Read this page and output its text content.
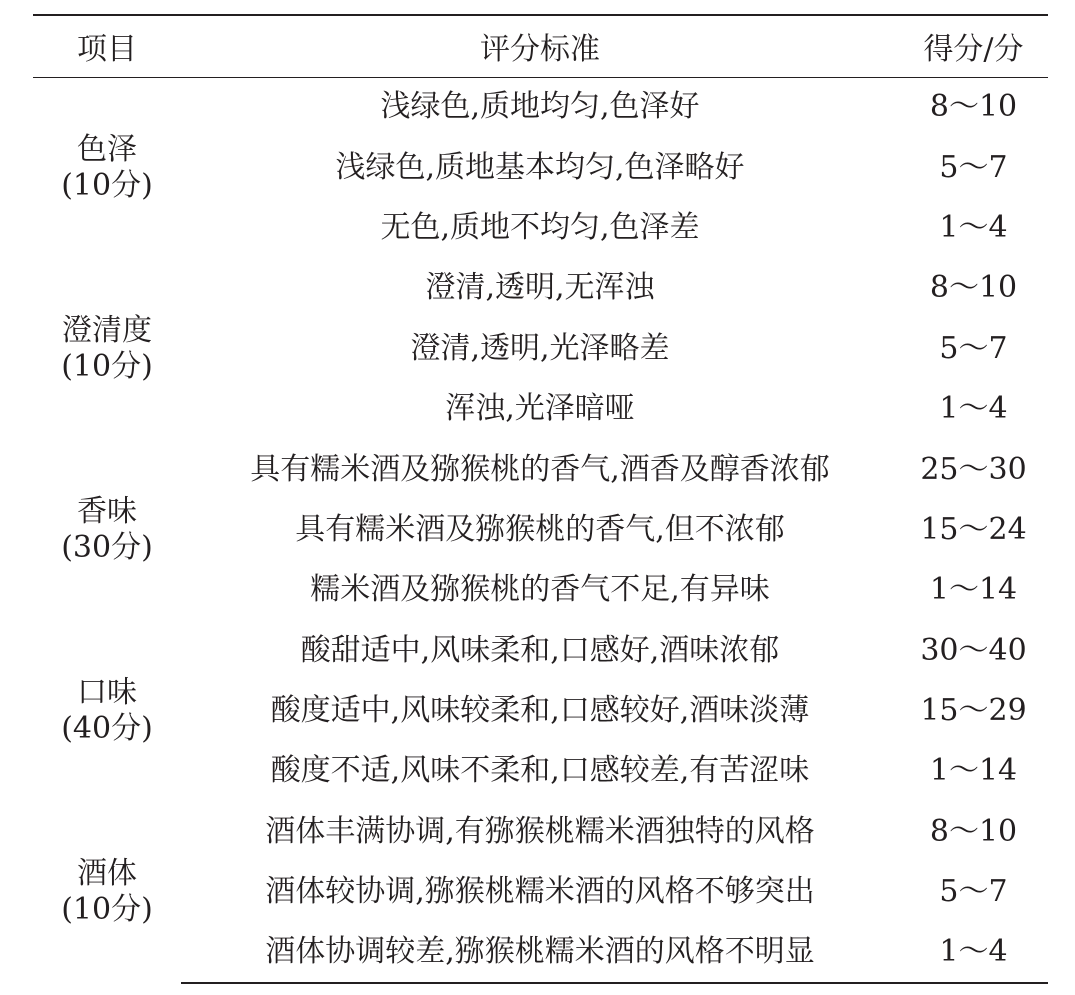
项目	评分标准	得分/分

色泽
(10分)	浅绿色,质地均匀,色泽好	8～10
	浅绿色,质地基本均匀,色泽略好	5～7
	无色,质地不均匀,色泽差	1～4

澄清度
(10分)	澄清,透明,无浑浊	8～10
	澄清,透明,光泽略差	5～7
	浑浊,光泽暗哑	1～4

香味
(30分)	具有糯米酒及猕猴桃的香气,酒香及醇香浓郁	25～30
	具有糯米酒及猕猴桃的香气,但不浓郁	15～24
	糯米酒及猕猴桃的香气不足,有异味	1～14

口味
(40分)	酸甜适中,风味柔和,口感好,酒味浓郁	30～40
	酸度适中,风味较柔和,口感较好,酒味淡薄	15～29
	酸度不适,风味不柔和,口感较差,有苦涩味	1～14

酒体
(10分)	酒体丰满协调,有猕猴桃糯米酒独特的风格	8～10
	酒体较协调,猕猴桃糯米酒的风格不够突出	5～7
	酒体协调较差,猕猴桃糯米酒的风格不明显	1～4
